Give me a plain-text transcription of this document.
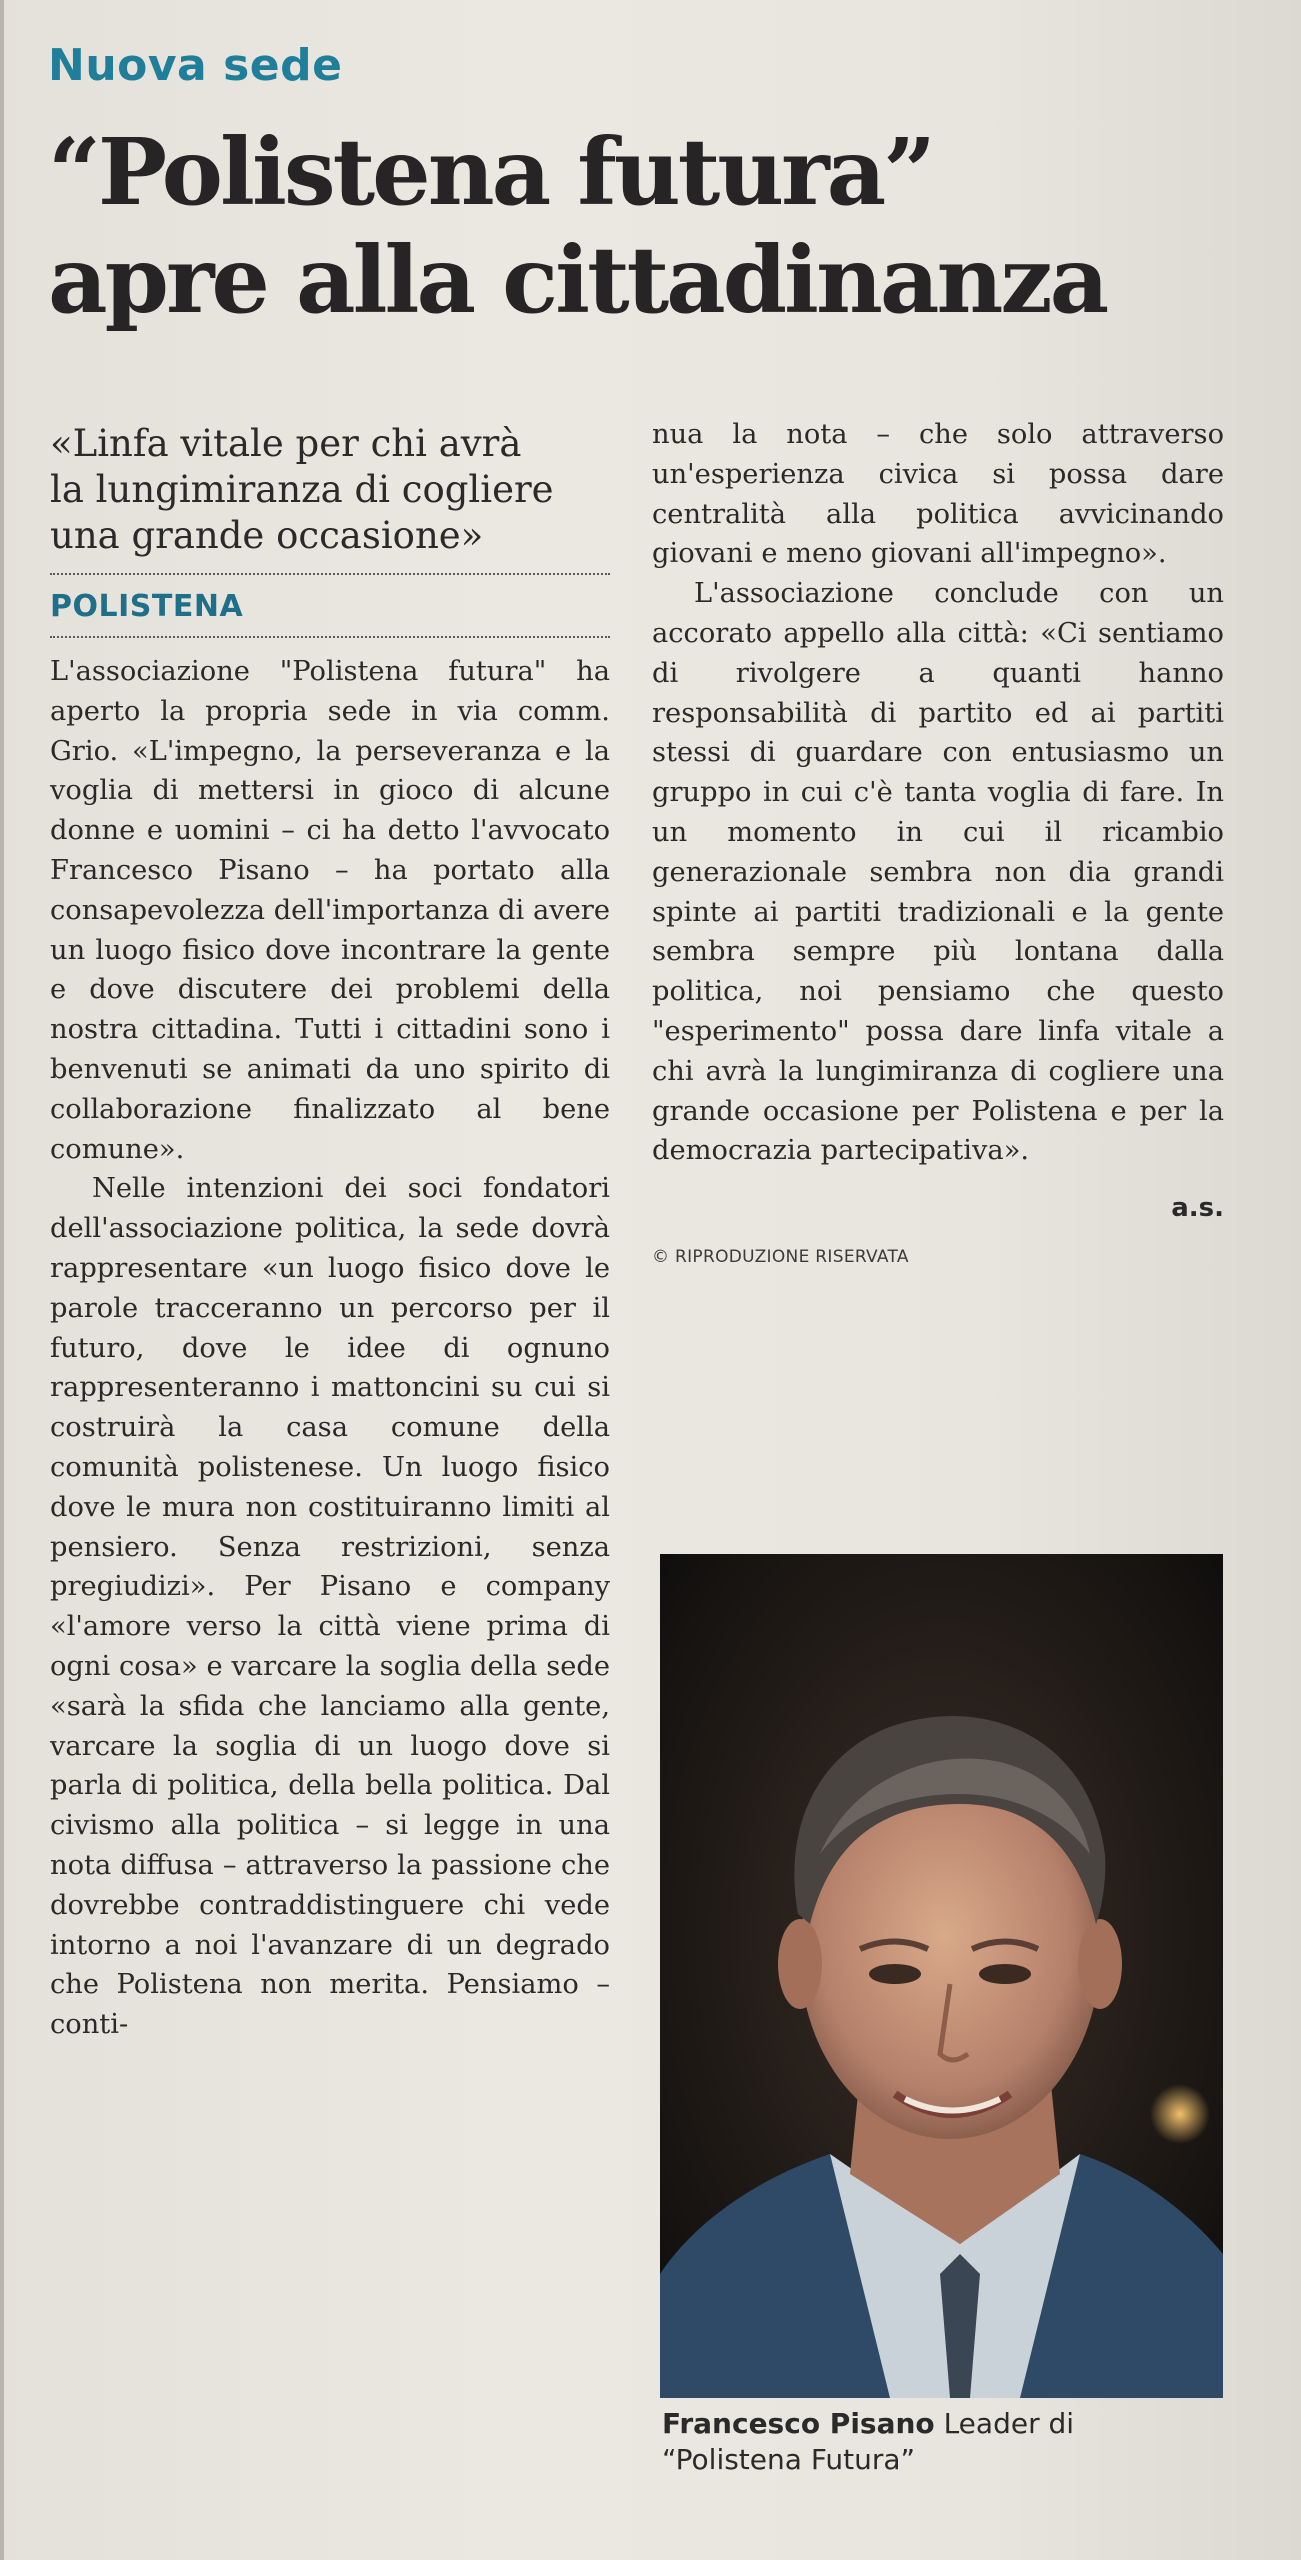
Nuova sede
“Polistena futura”
apre alla cittadinanza
«Linfa vitale per chi avrà
la lungimiranza di cogliere
una grande occasione»
POLISTENA

L'associazione "Polistena futura" ha aperto la propria sede in via comm. Grio. «L'impegno, la perseveranza e la voglia di mettersi in gioco di alcune donne e uomini – ci ha detto l'avvocato Francesco Pisano – ha portato alla consapevolezza dell'importanza di avere un luogo fisico dove incontrare la gente e dove discutere dei problemi della nostra cittadina. Tutti i cittadini sono i benvenuti se animati da uno spirito di collaborazione finalizzato al bene comune».

Nelle intenzioni dei soci fondatori dell'associazione politica, la sede dovrà rappresentare «un luogo fisico dove le parole tracceranno un percorso per il futuro, dove le idee di ognuno rappresenteranno i mattoncini su cui si costruirà la casa comune della comunità polistenese. Un luogo fisico dove le mura non costituiranno limiti al pensiero. Senza restrizioni, senza pregiudizi». Per Pisano e company «l'amore verso la città viene prima di ogni cosa» e varcare la soglia della sede «sarà la sfida che lanciamo alla gente, varcare la soglia di un luogo dove si parla di politica, della bella politica. Dal civismo alla politica – si legge in una nota diffusa – attraverso la passione che dovrebbe contraddistinguere chi vede intorno a noi l'avanzare di un degrado che Polistena non merita. Pensiamo – conti-

nua la nota – che solo attraverso un'esperienza civica si possa dare centralità alla politica avvicinando giovani e meno giovani all'impegno».

L'associazione conclude con un accorato appello alla città: «Ci sentiamo di rivolgere a quanti hanno responsabilità di partito ed ai partiti stessi di guardare con entusiasmo un gruppo in cui c'è tanta voglia di fare. In un momento in cui il ricambio generazionale sembra non dia grandi spinte ai partiti tradizionali e la gente sembra sempre più lontana dalla politica, noi pensiamo che questo "esperimento" possa dare linfa vitale a chi avrà la lungimiranza di cogliere una grande occasione per Polistena e per la democrazia partecipativa».

a.s.
© RIPRODUZIONE RISERVATA
Francesco Pisano Leader di
“Polistena Futura”
